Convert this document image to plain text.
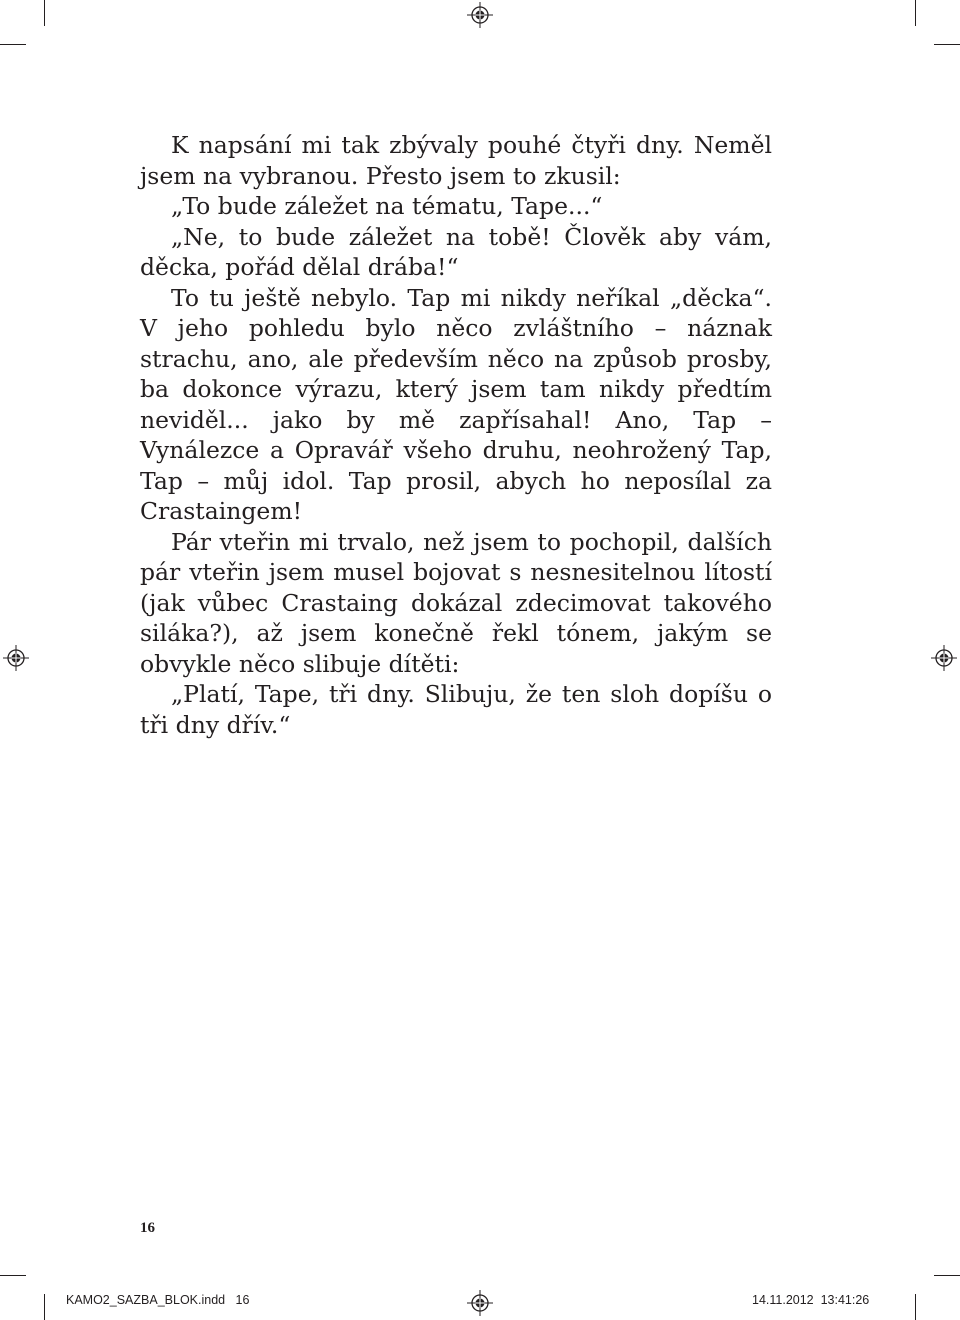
K napsání mi tak zbývaly pouhé čtyři dny. Neměl jsem na vybranou. Přesto jsem to zkusil:

„To bude záležet na tématu, Tape...“

„Ne, to bude záležet na tobě! Člověk aby vám, děcka, pořád dělal drába!“

To tu ještě nebylo. Tap mi nikdy neříkal „děcka“. V jeho pohledu bylo něco zvláštního – náznak strachu, ano, ale především něco na způsob prosby, ba dokonce výrazu, který jsem tam nikdy předtím neviděl... jako by mě zapřísahal! Ano, Tap – Vynálezce a Opravář všeho druhu, neohrožený Tap, Tap – můj idol. Tap prosil, abych ho neposílal za Crastaingem!

Pár vteřin mi trvalo, než jsem to pochopil, dalších pár vteřin jsem musel bojovat s nesnesitelnou lítostí (jak vůbec Crastaing dokázal zdecimovat takového siláka?), až jsem konečně řekl tónem, jakým se obvykle něco slibuje dítěti:

„Platí, Tape, tři dny. Slibuju, že ten sloh dopíšu o tři dny dřív.“

16
KAMO2_SAZBA_BLOK.indd   16	14.11.2012 13:41:26
